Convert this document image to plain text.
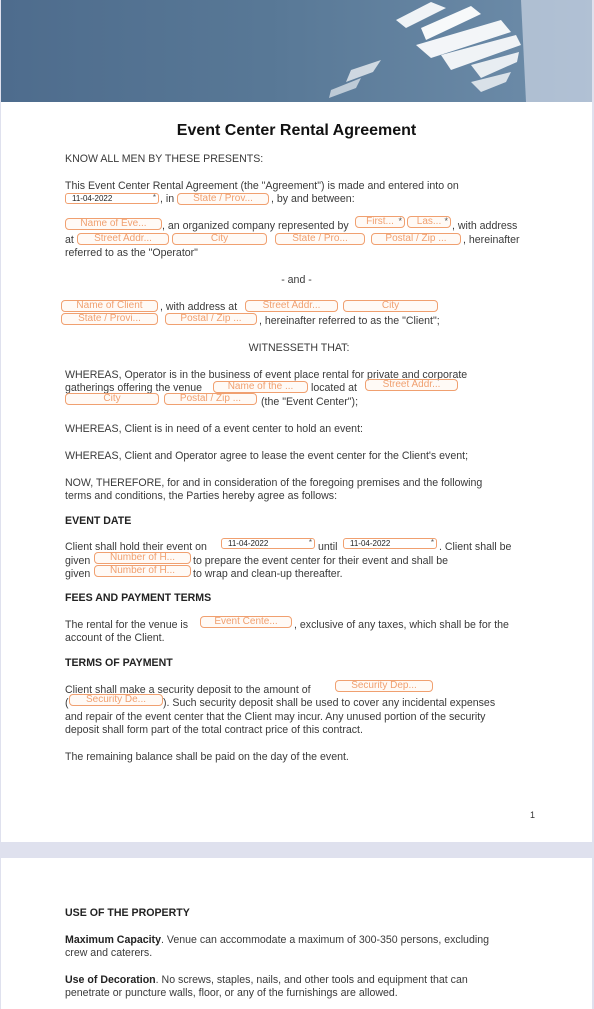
Event Center Rental Agreement
KNOW ALL MEN BY THESE PRESENTS:
This Event Center Rental Agreement (the "Agreement") is made and entered into on
11-04-2022 *	, in	State / Prov...	, by and between:
Name of Eve...	, an organized company represented by	First... *	Las... *	, with address
at	Street Addr...	City	State / Pro...	Postal / Zip ...	, hereinafter
referred to as the "Operator"
- and -
Name of Client	, with address at	Street Addr...	City
State / Provi...	Postal / Zip ...	, hereinafter referred to as the "Client";
WITNESSETH THAT:
WHEREAS, Operator is in the business of event place rental for private and corporate
gatherings offering the venue	Name of the ...	located at	Street Addr...
City	Postal / Zip ...	(the "Event Center");
WHEREAS, Client is in need of a event center to hold an event:
WHEREAS, Client and Operator agree to lease the event center for the Client's event;
NOW, THEREFORE, for and in consideration of the foregoing premises and the following
terms and conditions, the Parties hereby agree as follows:
EVENT DATE
Client shall hold their event on	11-04-2022 *	until	11-04-2022 *	. Client shall be
given	Number of H...	to prepare the event center for their event and shall be
given	Number of H...	to wrap and clean-up thereafter.
FEES AND PAYMENT TERMS
The rental for the venue is	Event Cente...	, exclusive of any taxes, which shall be for the
account of the Client.
TERMS OF PAYMENT
Client shall make a security deposit to the amount of	Security Dep...
(	Security De...	). Such security deposit shall be used to cover any incidental expenses
and repair of the event center that the Client may incur. Any unused portion of the security
deposit shall form part of the total contract price of this contract.
The remaining balance shall be paid on the day of the event.
1
USE OF THE PROPERTY
Maximum Capacity. Venue can accommodate a maximum of 300-350 persons, excluding
crew and caterers.
Use of Decoration. No screws, staples, nails, and other tools and equipment that can
penetrate or puncture walls, floor, or any of the furnishings are allowed.
